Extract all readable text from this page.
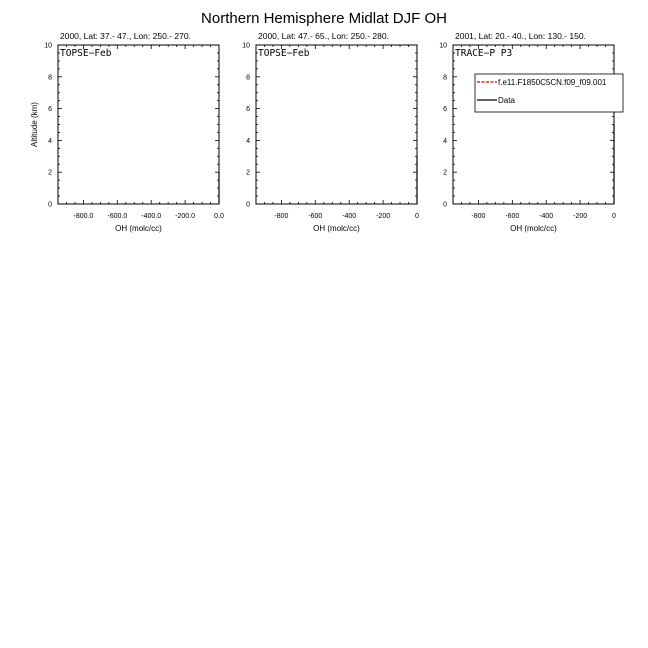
Northern Hemisphere Midlat DJF OH
2000, Lat: 37.- 47., Lon: 250.- 270.
0
2
4
6
8
10
-800.0 -600.0 -400.0 -200.0	0.0
OH (molc/cc)
Altitude (km)
TOPSE−Feb
2000, Lat: 47.- 65., Lon: 250.- 280.
0
2
4
6
8
10
-800	-600	-400	-200	0
OH (molc/cc)
TOPSE−Feb
2001, Lat: 20.- 40., Lon: 130.- 150.
0
2
4
6
8
10
-800	-600	-400	-200	0
OH (molc/cc)
TRACE−P P3
f.e11.F1850C5CN.f09_f09.001
Data
